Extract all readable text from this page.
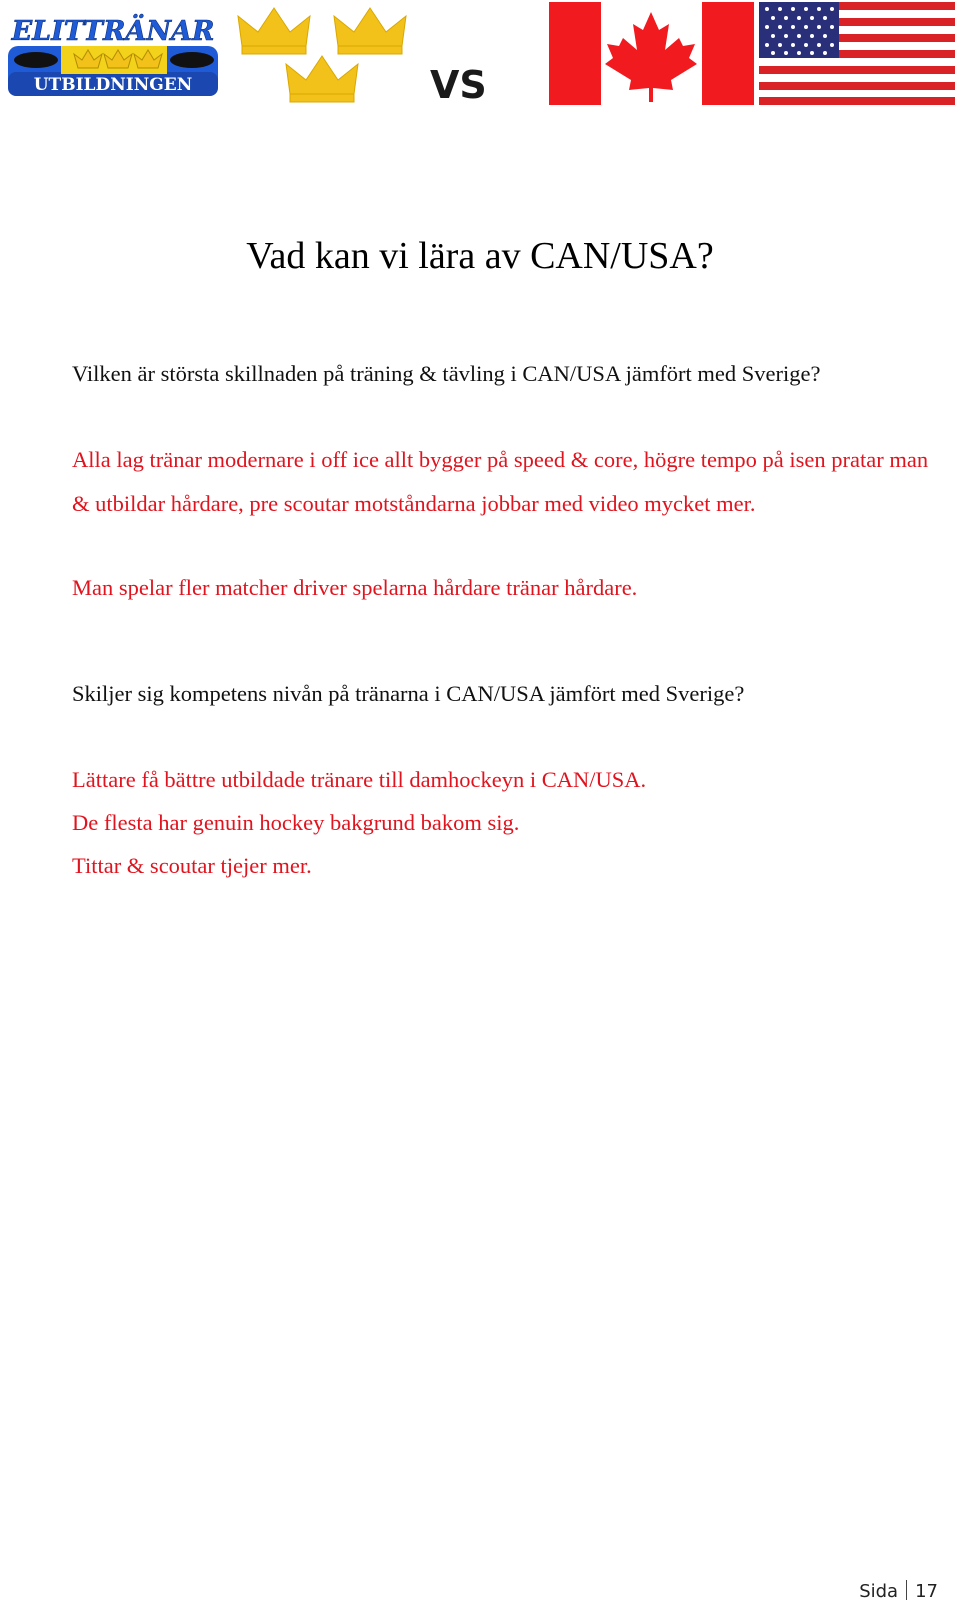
ELITTRÄNAR
UTBILDNINGEN	VS
Vad kan vi lära av CAN/USA?
Vilken är största skillnaden på träning & tävling i CAN/USA jämfört med Sverige?
Alla lag tränar modernare i off ice allt bygger på speed & core, högre tempo på isen pratar man & utbildar hårdare, pre scoutar motståndarna jobbar med video mycket mer.
Man spelar fler matcher driver spelarna hårdare tränar hårdare.
Skiljer sig kompetens nivån på tränarna i CAN/USA jämfört med Sverige?
Lättare få bättre utbildade tränare till damhockeyn i CAN/USA.
De flesta har genuin hockey bakgrund bakom sig.
Tittar & scoutar tjejer mer.
Sida 17
